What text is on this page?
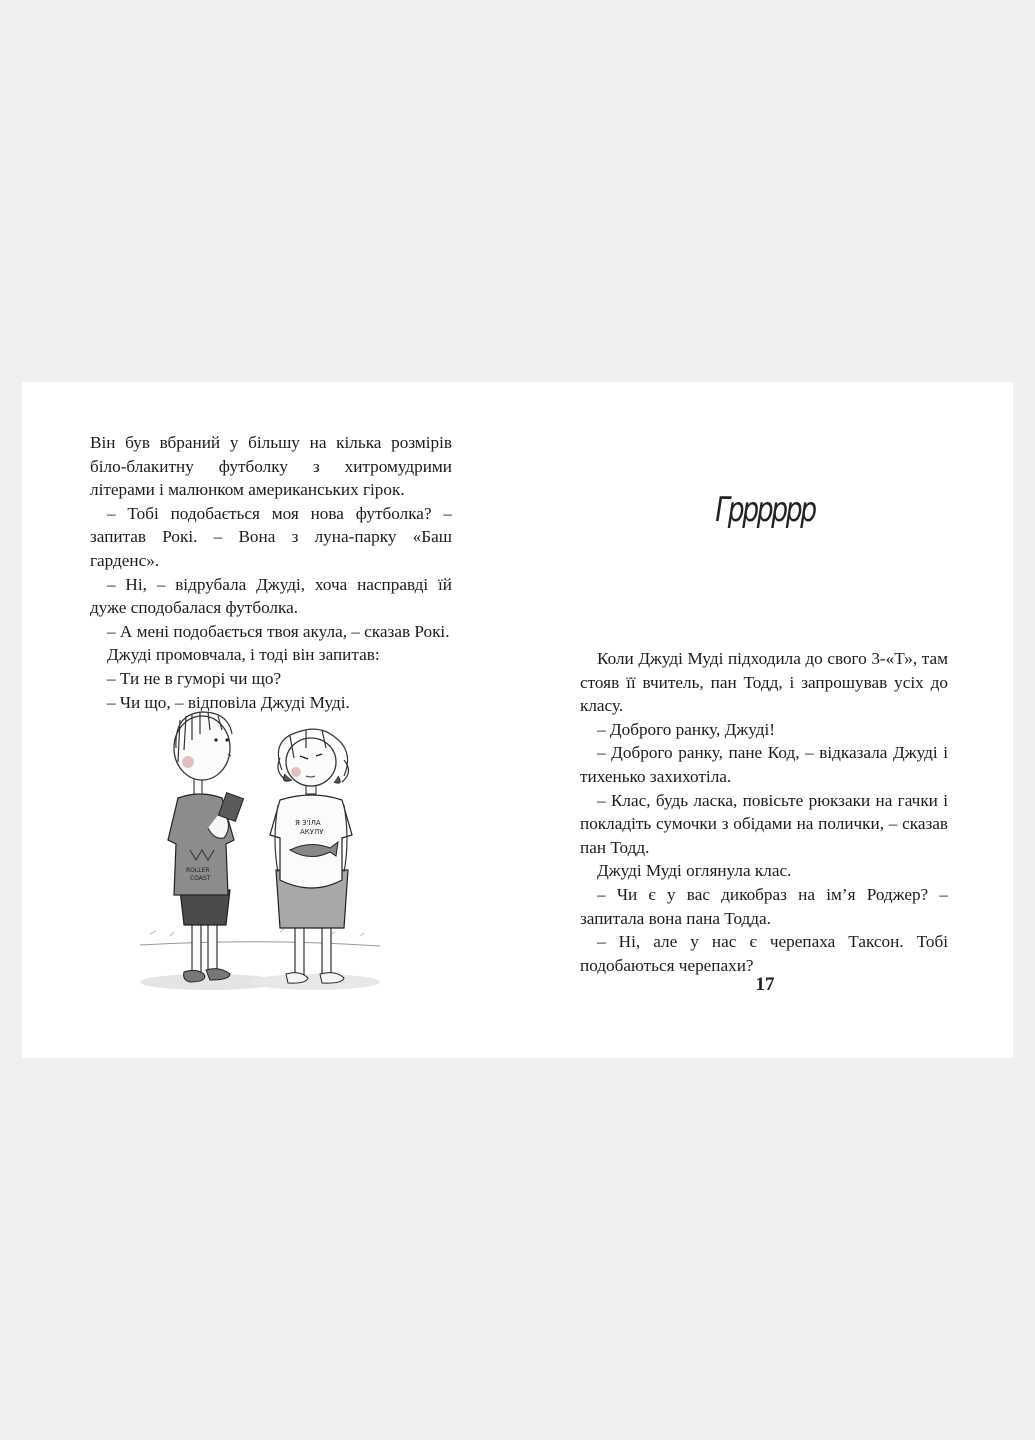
Він був вбраний у більшу на кілька розмірів біло-блакитну футболку з хитромудрими літерами і малюнком американських гірок.

– Тобі подобається моя нова футболка? – запитав Рокі. – Вона з луна-парку «Баш гарденс».

– Ні, – відрубала Джуді, хоча насправді їй дуже сподобалася футболка.

– А мені подобається твоя акула, – сказав Рокі.

Джуді промовчала, і тоді він запитав:

– Ти не в гуморі чи що?

– Чи що, – відповіла Джуді Муді.

ROLLER
COAST
Я З'ЇЛА
АКУЛУ
Грррррр

Коли Джуді Муді підходила до свого 3-«Т», там стояв її вчитель, пан Тодд, і запрошував усіх до класу.

– Доброго ранку, Джуді!

– Доброго ранку, пане Код, – відказала Джуді і тихенько захихотіла.

– Клас, будь ласка, повісьте рюкзаки на гачки і покладіть сумочки з обідами на полички, – сказав пан Тодд.

Джуді Муді оглянула клас.

– Чи є у вас дикобраз на ім’я Роджер? – запитала вона пана Тодда.

– Ні, але у нас є черепаха Таксон. Тобі подобаються черепахи?

17
